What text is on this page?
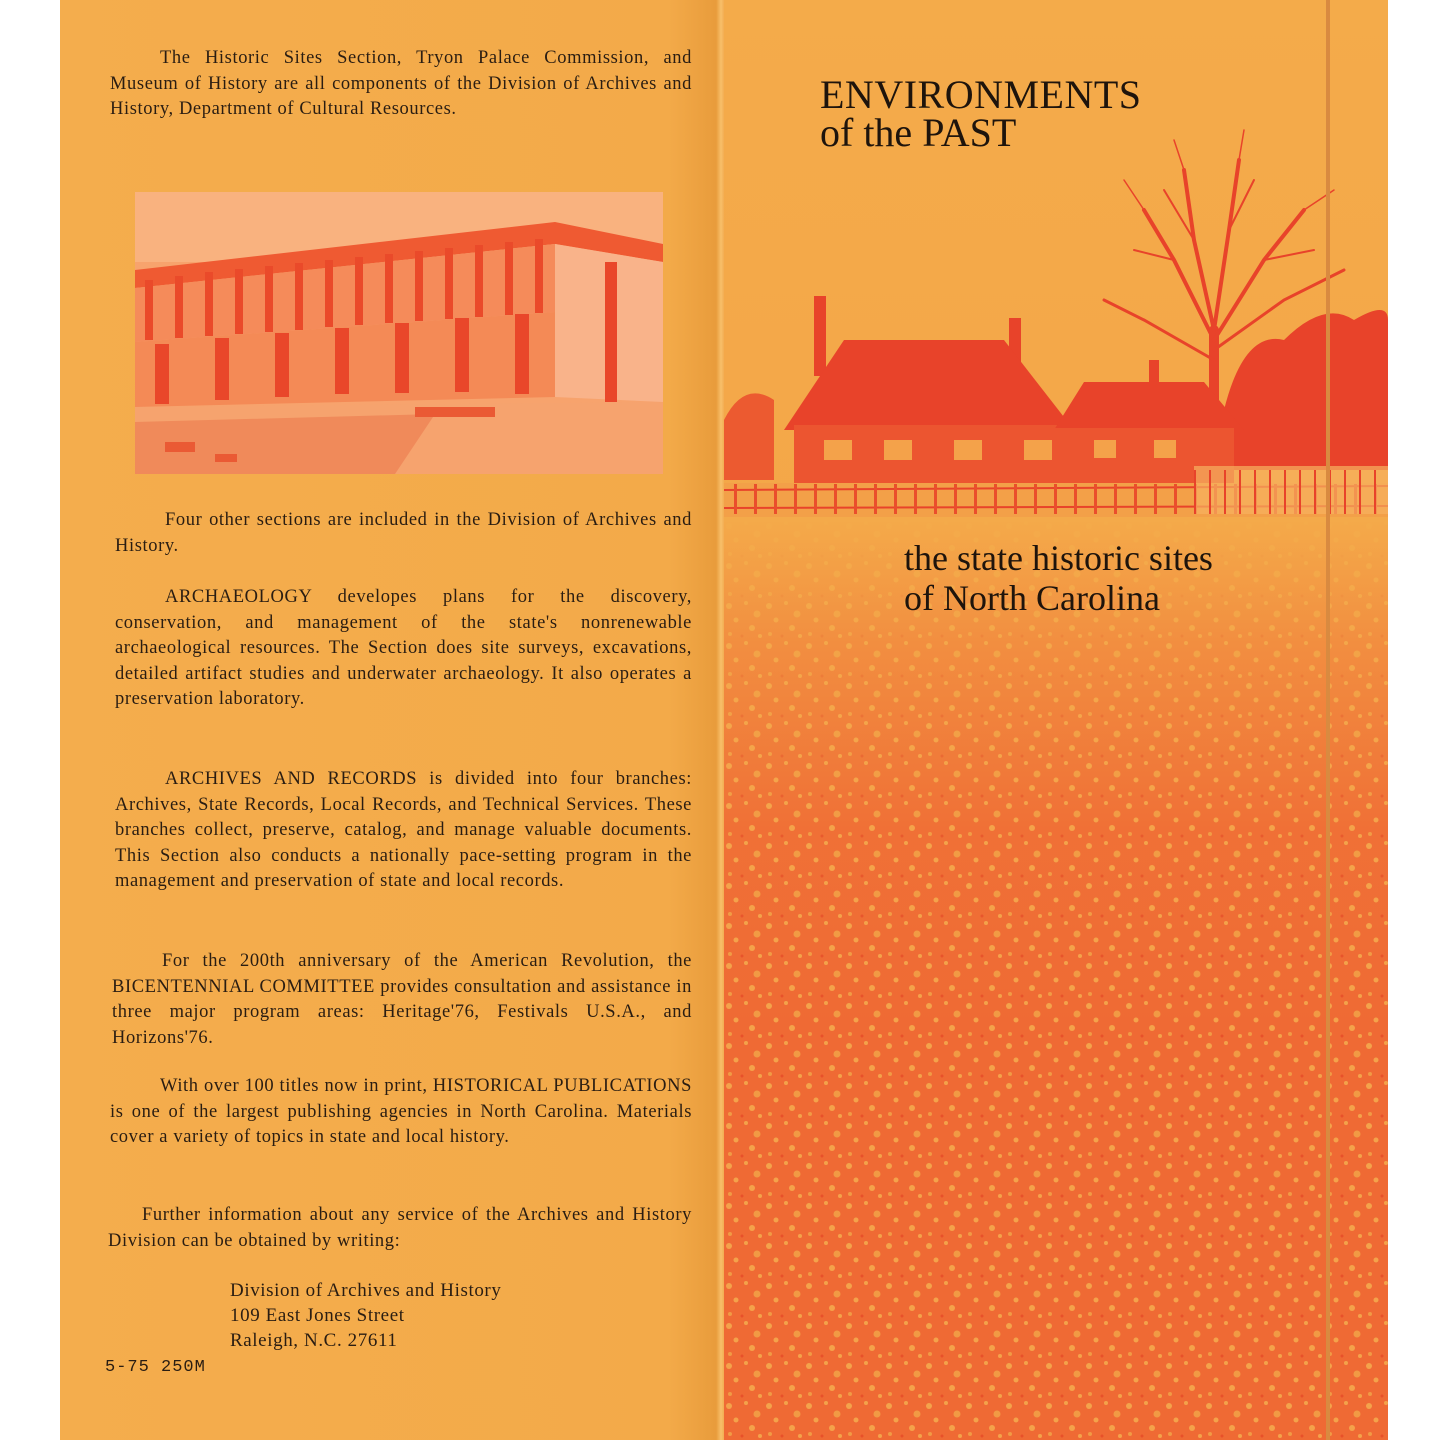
The Historic Sites Section, Tryon Palace Commission, and Museum of History are all components of the Division of Archives and History, Department of Cultural Resources.

Four other sections are included in the Division of Archives and History.

ARCHAEOLOGY developes plans for the discovery, conservation, and management of the state's nonrenewable archaeological resources. The Section does site surveys, excavations, detailed artifact studies and underwater archaeology. It also operates a preservation laboratory.

ARCHIVES AND RECORDS is divided into four branches: Archives, State Records, Local Records, and Technical Services. These branches collect, preserve, catalog, and manage valuable documents. This Section also conducts a nationally pace-setting program in the management and preservation of state and local records.

For the 200th anniversary of the American Revolution, the BICENTENNIAL COMMITTEE provides consultation and assistance in three major program areas: Heritage'76, Festivals U.S.A., and Horizons'76.

With over 100 titles now in print, HISTORICAL PUBLICATIONS is one of the largest publishing agencies in North Carolina. Materials cover a variety of topics in state and local history.

Further information about any service of the Archives and History Division can be obtained by writing:

Division of Archives and History
109 East Jones Street
Raleigh, N.C. 27611
5-75 250M
ENVIRONMENTS
of the PAST
the state historic sites
of North Carolina
